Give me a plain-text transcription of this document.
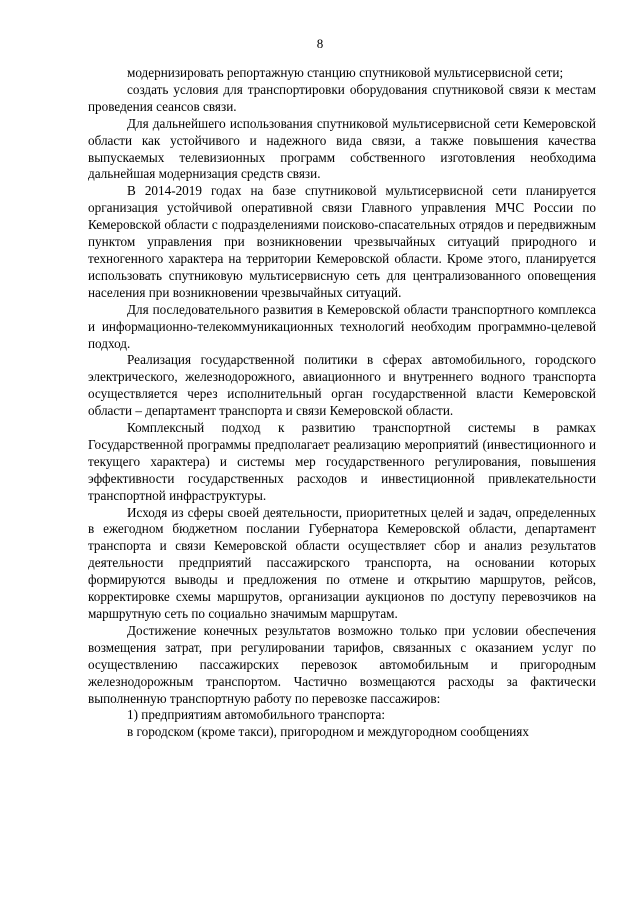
8

модернизировать репортажную станцию спутниковой мультисервисной сети;

создать условия для транспортировки оборудования спутниковой связи к местам проведения сеансов связи.

Для дальнейшего использования спутниковой мультисервисной сети Кемеровской области как устойчивого и надежного вида связи, а также повышения качества выпускаемых телевизионных программ собственного изготовления необходима дальнейшая модернизация средств связи.

В 2014-2019 годах на базе спутниковой мультисервисной сети планируется организация устойчивой оперативной связи Главного управления МЧС России по Кемеровской области с подразделениями поисково-спасательных отрядов и передвижным пунктом управления при возникновении чрезвычайных ситуаций природного и техногенного характера на территории Кемеровской области. Кроме этого, планируется использовать спутниковую мультисервисную сеть для централизованного оповещения населения при возникновении чрезвычайных ситуаций.

Для последовательного развития в Кемеровской области транспортного комплекса и информационно-телекоммуникационных технологий необходим программно-целевой подход.

Реализация государственной политики в сферах автомобильного, городского электрического, железнодорожного, авиационного и внутреннего водного транспорта осуществляется через исполнительный орган государственной власти Кемеровской области – департамент транспорта и связи Кемеровской области.

Комплексный подход к развитию транспортной системы в рамках Государственной программы предполагает реализацию мероприятий (инвестиционного и текущего характера) и системы мер государственного регулирования, повышения эффективности государственных расходов и инвестиционной привлекательности транспортной инфраструктуры.

Исходя из сферы своей деятельности, приоритетных целей и задач, определенных в ежегодном бюджетном послании Губернатора Кемеровской области, департамент транспорта и связи Кемеровской области осуществляет сбор и анализ результатов деятельности предприятий пассажирского транспорта, на основании которых формируются выводы и предложения по отмене и открытию маршрутов, рейсов, корректировке схемы маршрутов, организации аукционов по доступу перевозчиков на маршрутную сеть по социально значимым маршрутам.

Достижение конечных результатов возможно только при условии обеспечения возмещения затрат, при регулировании тарифов, связанных с оказанием услуг по осуществлению пассажирских перевозок автомобильным и пригородным железнодорожным транспортом. Частично возмещаются расходы за фактически выполненную транспортную работу по перевозке пассажиров:

1) предприятиям автомобильного транспорта:

в городском (кроме такси), пригородном и междугородном сообщениях
